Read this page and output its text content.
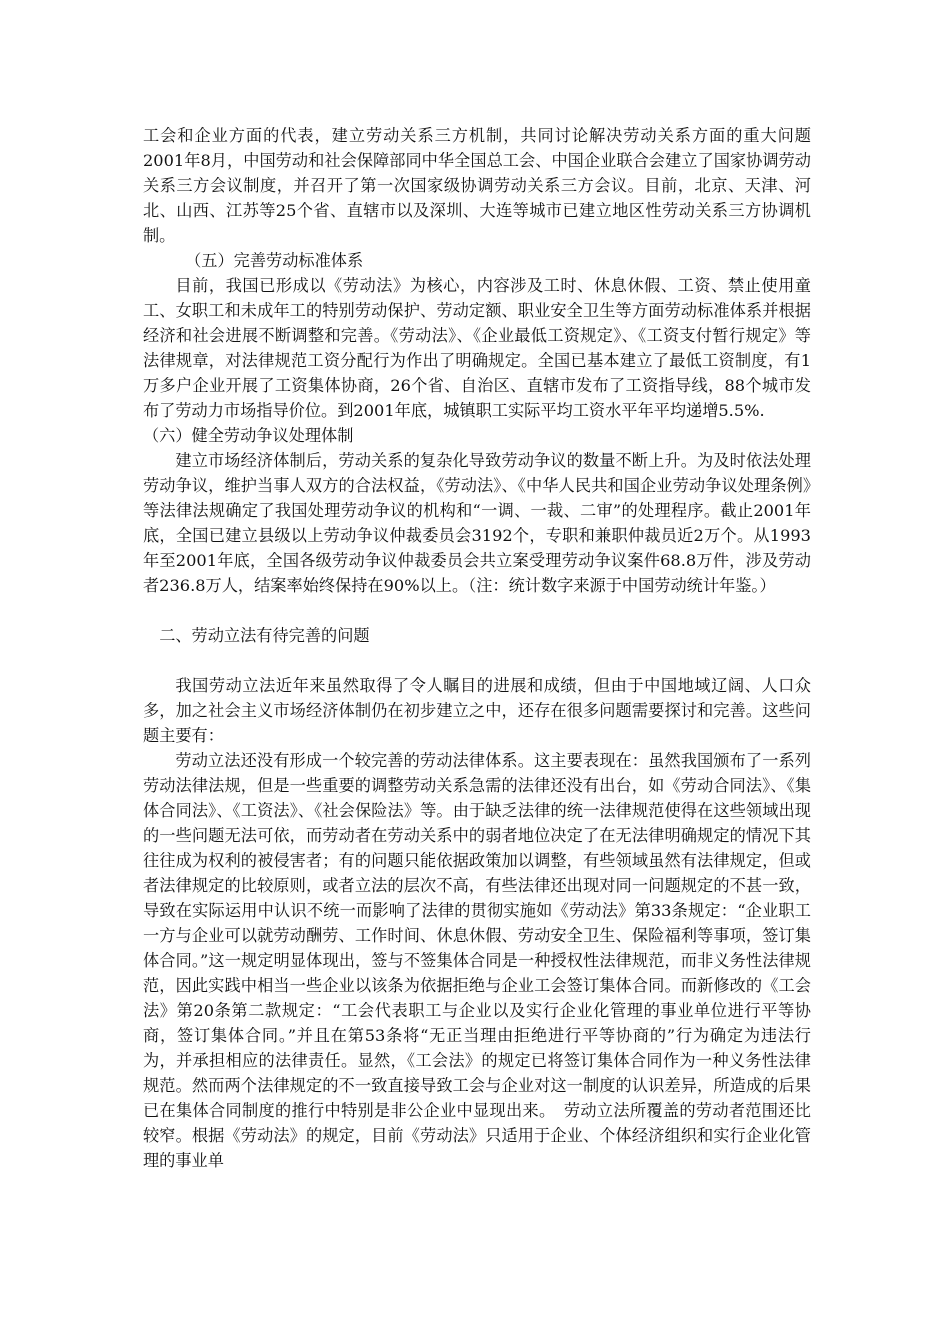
工会和企业方面的代表，建立劳动关系三方机制，共同讨论解决劳动关系方面的重大问题2001年8月，中国劳动和社会保障部同中华全国总工会、中国企业联合会建立了国家协调劳动关系三方会议制度，并召开了第一次国家级协调劳动关系三方会议。目前，北京、天津、河北、山西、江苏等25个省、直辖市以及深圳、大连等城市已建立地区性劳动关系三方协调机制。

（五）完善劳动标准体系

目前，我国已形成以《劳动法》为核心，内容涉及工时、休息休假、工资、禁止使用童工、女职工和未成年工的特别劳动保护、劳动定额、职业安全卫生等方面劳动标准体系并根据经济和社会进展不断调整和完善。《劳动法》、《企业最低工资规定》、《工资支付暂行规定》等法律规章，对法律规范工资分配行为作出了明确规定。全国已基本建立了最低工资制度，有1万多户企业开展了工资集体协商，26个省、自治区、直辖市发布了工资指导线，88个城市发布了劳动力市场指导价位。到2001年底，城镇职工实际平均工资水平年平均递增5.5%.

（六）健全劳动争议处理体制

建立市场经济体制后，劳动关系的复杂化导致劳动争议的数量不断上升。为及时依法处理劳动争议，维护当事人双方的合法权益，《劳动法》、《中华人民共和国企业劳动争议处理条例》等法律法规确定了我国处理劳动争议的机构和“一调、一裁、二审”的处理程序。截止2001年底，全国已建立县级以上劳动争议仲裁委员会3192个，专职和兼职仲裁员近2万个。从1993年至2001年底，全国各级劳动争议仲裁委员会共立案受理劳动争议案件68.8万件，涉及劳动者236.8万人，结案率始终保持在90%以上。（注：统计数字来源于中国劳动统计年鉴。）

二、劳动立法有待完善的问题

我国劳动立法近年来虽然取得了令人瞩目的进展和成绩，但由于中国地域辽阔、人口众多，加之社会主义市场经济体制仍在初步建立之中，还存在很多问题需要探讨和完善。这些问题主要有：

劳动立法还没有形成一个较完善的劳动法律体系。这主要表现在：虽然我国颁布了一系列劳动法律法规，但是一些重要的调整劳动关系急需的法律还没有出台，如《劳动合同法》、《集体合同法》、《工资法》、《社会保险法》等。由于缺乏法律的统一法律规范使得在这些领域出现的一些问题无法可依，而劳动者在劳动关系中的弱者地位决定了在无法律明确规定的情况下其往往成为权利的被侵害者；有的问题只能依据政策加以调整，有些领域虽然有法律规定，但或者法律规定的比较原则，或者立法的层次不高，有些法律还出现对同一问题规定的不甚一致，导致在实际运用中认识不统一而影响了法律的贯彻实施如《劳动法》第33条规定：“企业职工一方与企业可以就劳动酬劳、工作时间、休息休假、劳动安全卫生、保险福利等事项，签订集体合同。”这一规定明显体现出，签与不签集体合同是一种授权性法律规范，而非义务性法律规范，因此实践中相当一些企业以该条为依据拒绝与企业工会签订集体合同。而新修改的《工会法》第20条第二款规定：“工会代表职工与企业以及实行企业化管理的事业单位进行平等协商，签订集体合同。”并且在第53条将“无正当理由拒绝进行平等协商的”行为确定为违法行为，并承担相应的法律责任。显然，《工会法》的规定已将签订集体合同作为一种义务性法律规范。然而两个法律规定的不一致直接导致工会与企业对这一制度的认识差异，所造成的后果已在集体合同制度的推行中特别是非公企业中显现出来。　劳动立法所覆盖的劳动者范围还比较窄。根据《劳动法》的规定，目前《劳动法》只适用于企业、个体经济组织和实行企业化管理的事业单
